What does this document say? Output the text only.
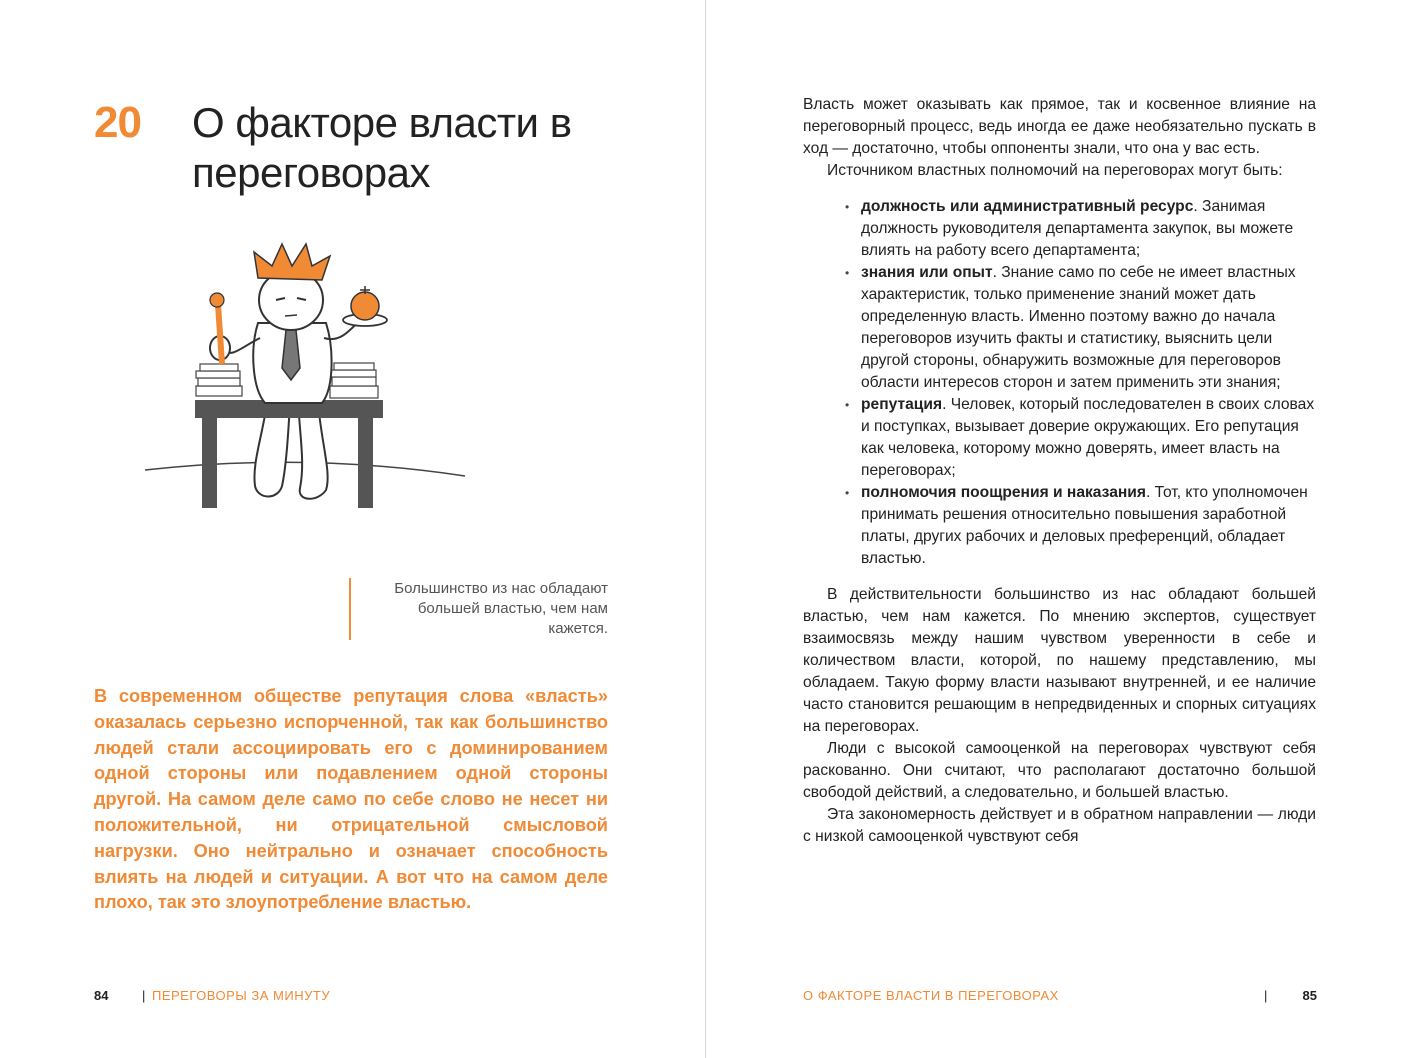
20 О факторе власти в переговорах
Большинство из нас обладают большей властью, чем нам кажется.

В современном обществе репутация слова «власть» оказалась серьезно испорченной, так как большинство людей стали ассоциировать его с доминированием одной стороны или подавлением одной стороны другой. На самом деле само по себе слово не несет ни положительной, ни отрицательной смысловой нагрузки. Оно нейтрально и означает способность влиять на людей и ситуации. А вот что на самом деле плохо, так это злоупотребление властью.

84	| ПЕРЕГОВОРЫ ЗА МИНУТУ

Власть может оказывать как прямое, так и косвенное влияние на переговорный процесс, ведь иногда ее даже необязательно пускать в ход — достаточно, чтобы оппоненты знали, что она у вас есть.

Источником властных полномочий на переговорах могут быть:

• должность или административный ресурс. Занимая должность руководителя департамента закупок, вы можете влиять на работу всего департамента;
• знания или опыт. Знание само по себе не имеет властных характеристик, только применение знаний может дать определенную власть. Именно поэтому важно до начала переговоров изучить факты и статистику, выяснить цели другой стороны, обнаружить возможные для переговоров области интересов сторон и затем применить эти знания;
• репутация. Человек, который последователен в своих словах и поступках, вызывает доверие окружающих. Его репутация как человека, которому можно доверять, имеет власть на переговорах;
• полномочия поощрения и наказания. Тот, кто уполномочен принимать решения относительно повышения заработной платы, других рабочих и деловых преференций, обладает властью.

В действительности большинство из нас обладают большей властью, чем нам кажется. По мнению экспертов, существует взаимосвязь между нашим чувством уверенности в себе и количеством власти, которой, по нашему представлению, мы обладаем. Такую форму власти называют внутренней, и ее наличие часто становится решающим в непредвиденных и спорных ситуациях на переговорах.

Люди с высокой самооценкой на переговорах чувствуют себя раскованно. Они считают, что располагают достаточно большой свободой действий, а следовательно, и большей властью.

Эта закономерность действует и в обратном направлении — люди с низкой самооценкой чувствуют себя

О ФАКТОРЕ ВЛАСТИ В ПЕРЕГОВОРАХ	|	85
